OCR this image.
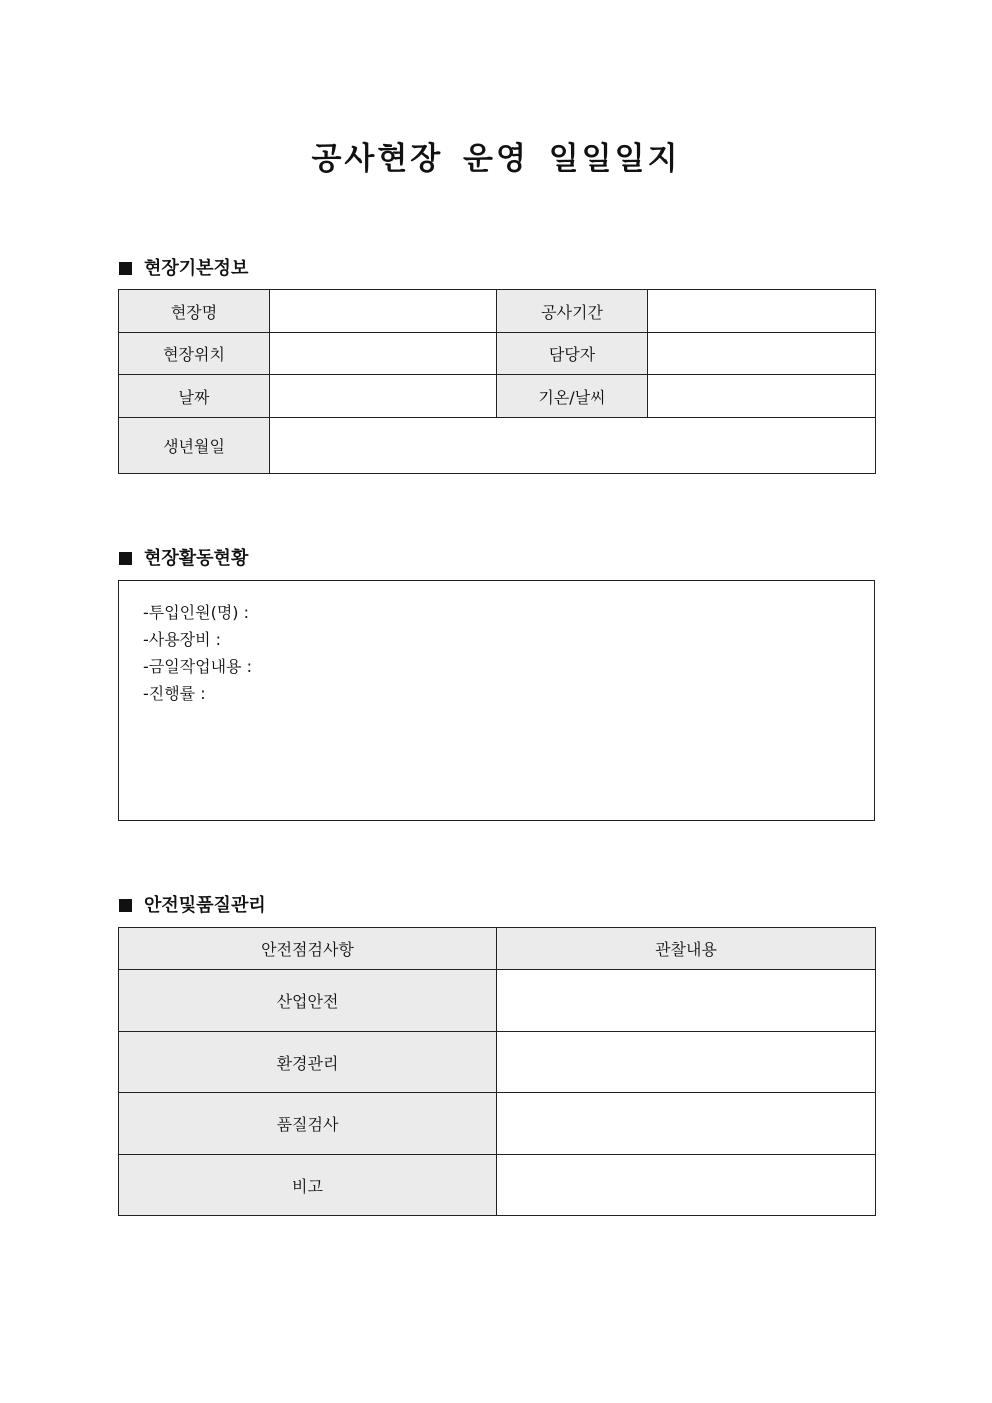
공사현장 운영 일일일지
현장기본정보
현장명		공사기간	
현장위치		담당자	
날짜		기온/날씨	
생년월일			
현장활동현황
-투입인원(명) :
-사용장비 :
-금일작업내용 :
-진행률 :
안전및품질관리
안전점검사항	관찰내용
산업안전	
환경관리	
품질검사	
비고	
